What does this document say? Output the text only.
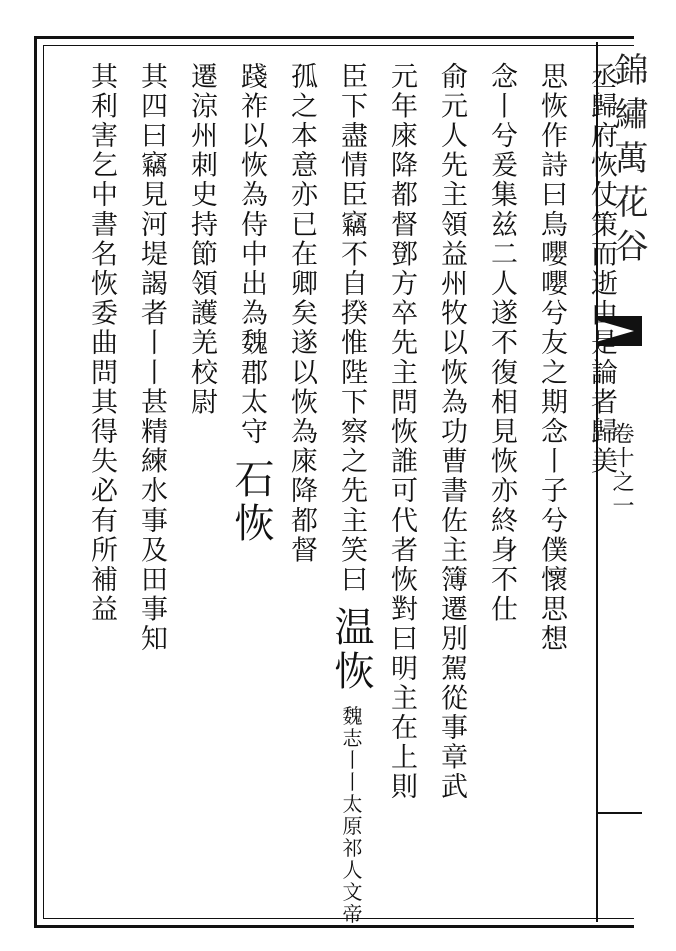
錦繡萬花谷
卷十之一
丞歸府恢仗策而逝由是論者歸美
思恢作詩曰鳥嚶嚶兮友之期念丨子兮僕懷思想
念丨兮爰集兹二人遂不復相見恢亦終身不仕
俞元人先主領益州牧以恢為功曹書佐主簿遷別駕從事章武
元年庲降都督鄧方卒先主問恢誰可代者恢對曰明主在上則
臣下盡情臣竊不自揆惟陛下察之先主笑曰 温恢 魏志丨丨太原祁人文帝
孤之本意亦已在卿矣遂以恢為庲降都督
踐祚以恢為侍中出為魏郡太守 石恢
遷涼州刺史持節領護羌校尉
其四曰竊見河堤謁者丨丨甚精練水事及田事知
其利害乞中書名恢委曲問其得失必有所補益
